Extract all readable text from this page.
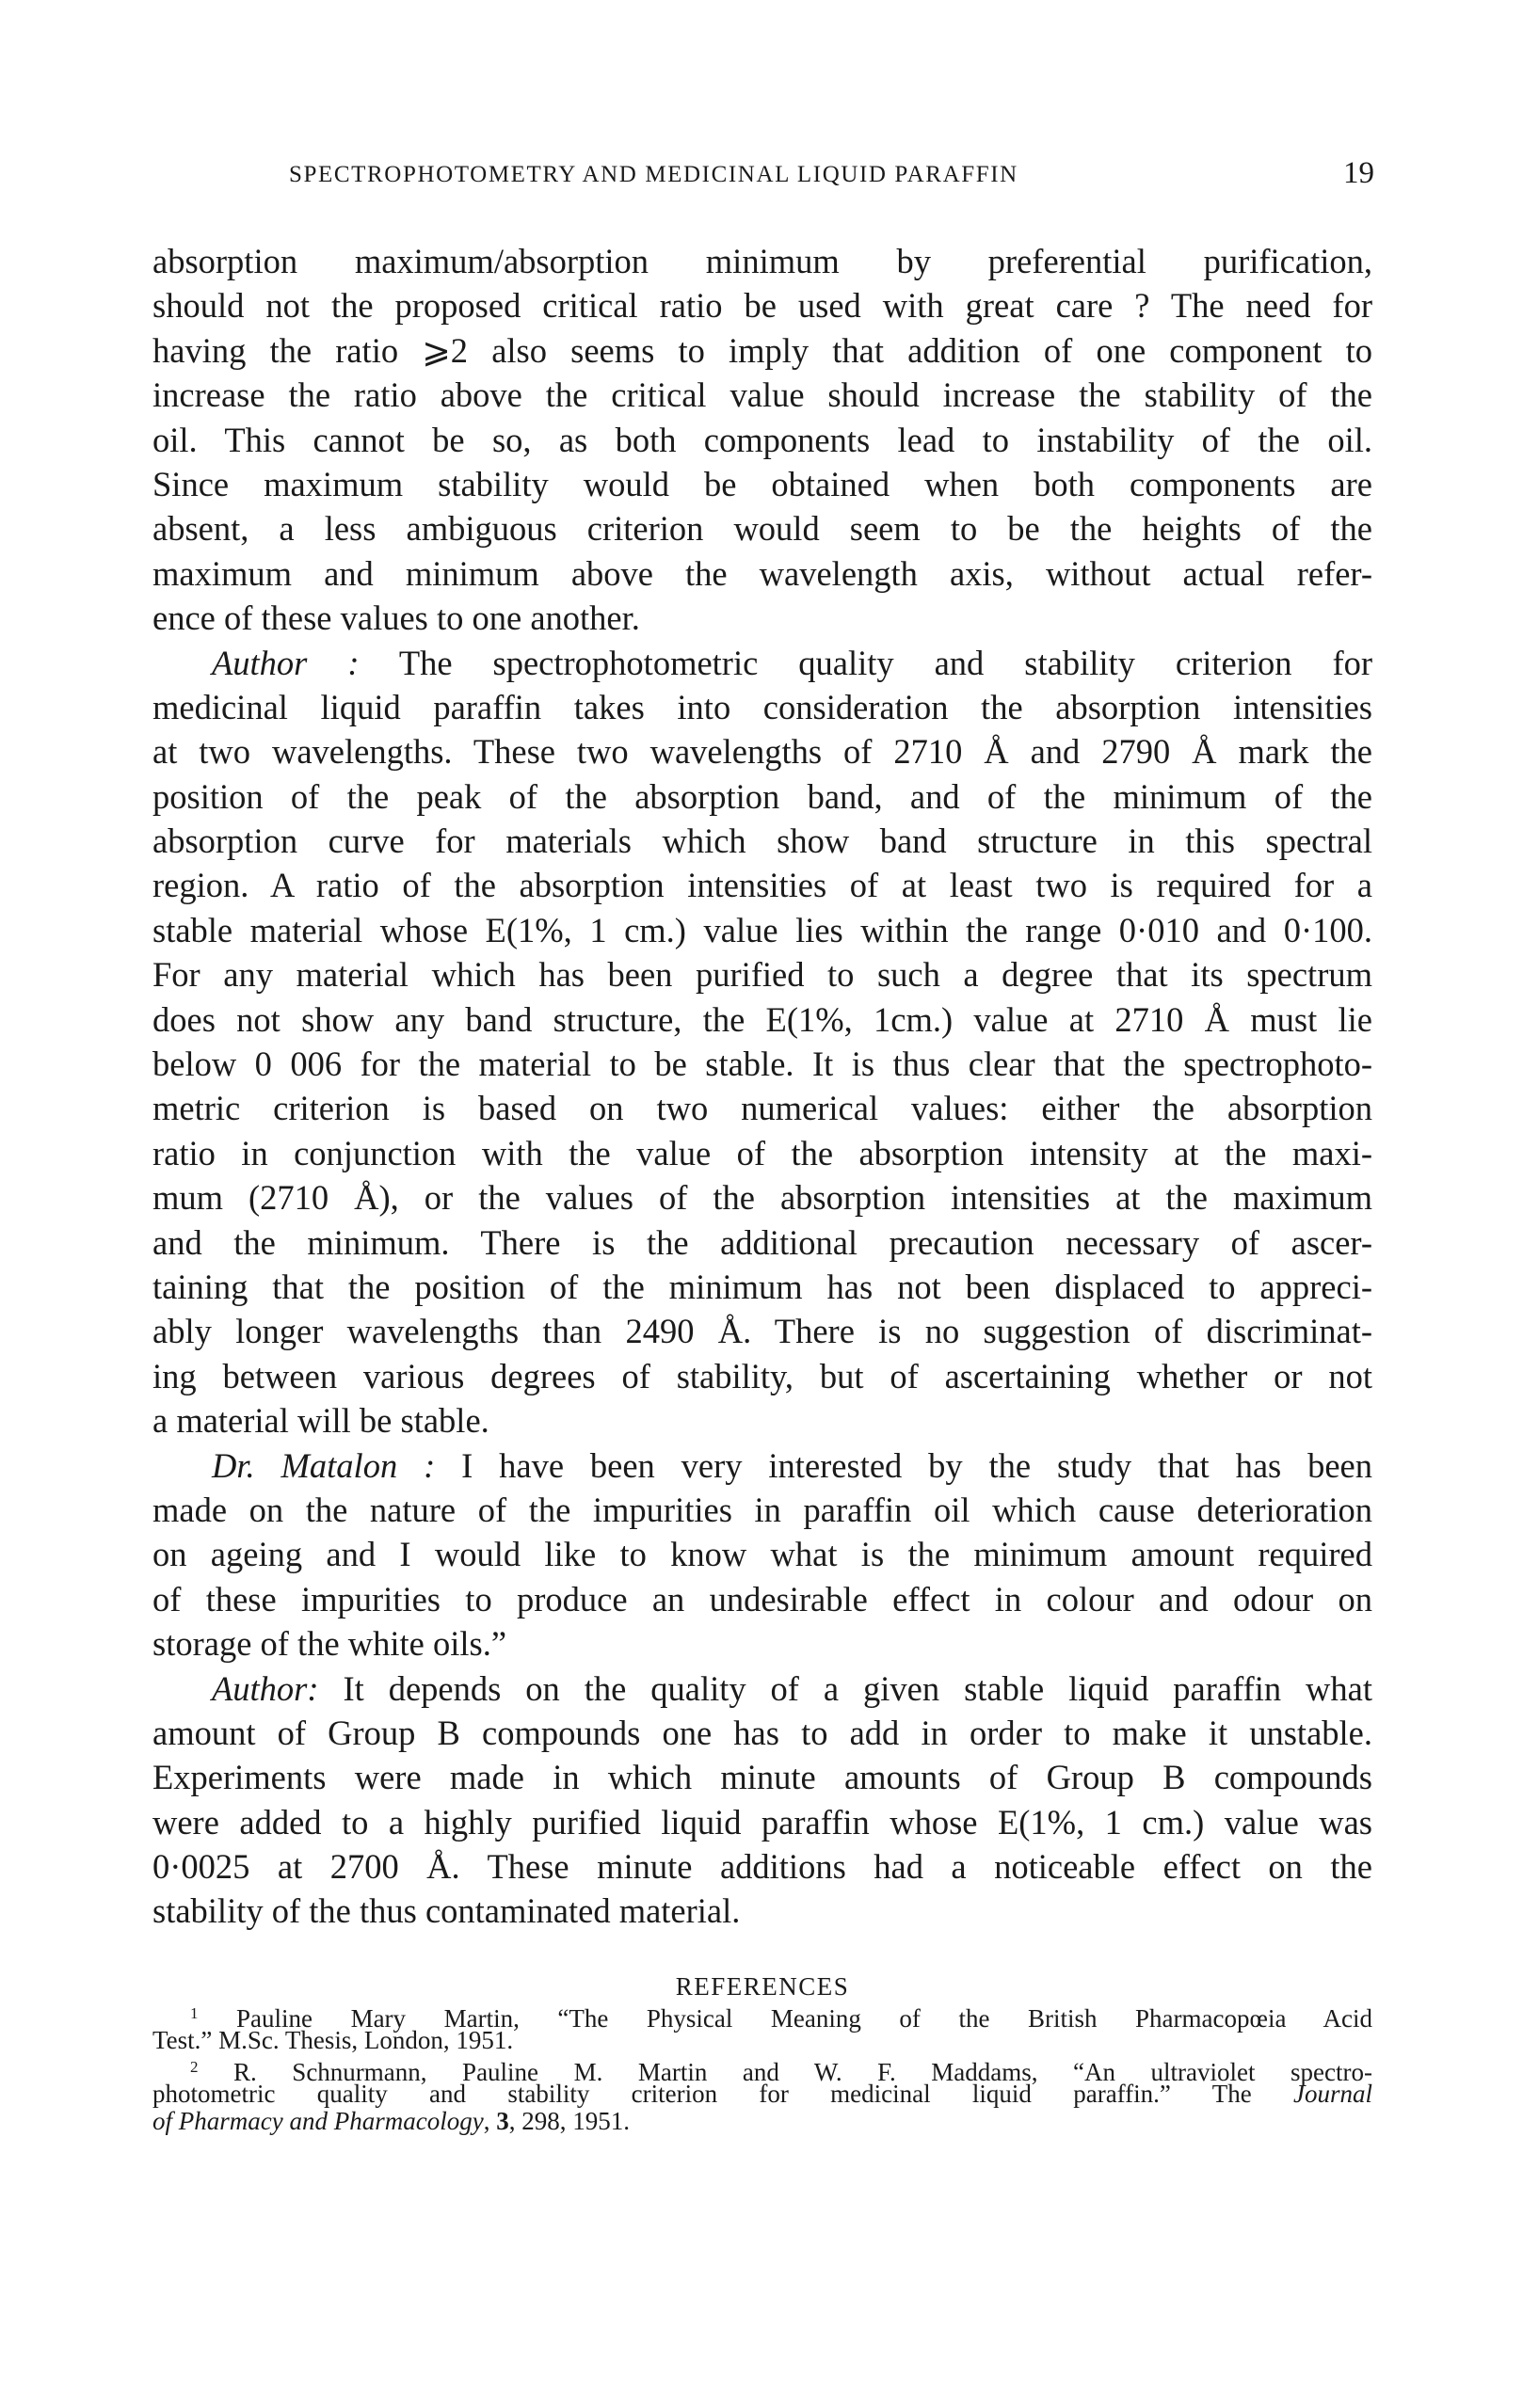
SPECTROPHOTOMETRY AND MEDICINAL LIQUID PARAFFIN	19
absorption maximum/absorption minimum by preferential purification,
should not the proposed critical ratio be used with great care ? The need for
having the ratio ⩾2 also seems to imply that addition of one component to
increase the ratio above the critical value should increase the stability of the
oil. This cannot be so, as both components lead to instability of the oil.
Since maximum stability would be obtained when both components are
absent, a less ambiguous criterion would seem to be the heights of the
maximum and minimum above the wavelength axis, without actual refer-
ence of these values to one another.
Author : The spectrophotometric quality and stability criterion for
medicinal liquid paraffin takes into consideration the absorption intensities
at two wavelengths. These two wavelengths of 2710 Å and 2790 Å mark the
position of the peak of the absorption band, and of the minimum of the
absorption curve for materials which show band structure in this spectral
region. A ratio of the absorption intensities of at least two is required for a
stable material whose E(1%, 1 cm.) value lies within the range 0·010 and 0·100.
For any material which has been purified to such a degree that its spectrum
does not show any band structure, the E(1%, 1cm.) value at 2710 Å must lie
below 0 006 for the material to be stable. It is thus clear that the spectrophoto-
metric criterion is based on two numerical values: either the absorption
ratio in conjunction with the value of the absorption intensity at the maxi-
mum (2710 Å), or the values of the absorption intensities at the maximum
and the minimum. There is the additional precaution necessary of ascer-
taining that the position of the minimum has not been displaced to appreci-
ably longer wavelengths than 2490 Å. There is no suggestion of discriminat-
ing between various degrees of stability, but of ascertaining whether or not
a material will be stable.
Dr. Matalon : I have been very interested by the study that has been
made on the nature of the impurities in paraffin oil which cause deterioration
on ageing and I would like to know what is the minimum amount required
of these impurities to produce an undesirable effect in colour and odour on
storage of the white oils.”
Author: It depends on the quality of a given stable liquid paraffin what
amount of Group B compounds one has to add in order to make it unstable.
Experiments were made in which minute amounts of Group B compounds
were added to a highly purified liquid paraffin whose E(1%, 1 cm.) value was
0·0025 at 2700 Å. These minute additions had a noticeable effect on the
stability of the thus contaminated material.
REFERENCES
$^1$ Pauline Mary Martin, “The Physical Meaning of the British Pharmacopœia Acid
Test.” M.Sc. Thesis, London, 1951.
$^2$ R. Schnurmann, Pauline M. Martin and W. F. Maddams, “An ultraviolet spectro-
photometric quality and stability criterion for medicinal liquid paraffin.” The Journal
of Pharmacy and Pharmacology, 3, 298, 1951.
